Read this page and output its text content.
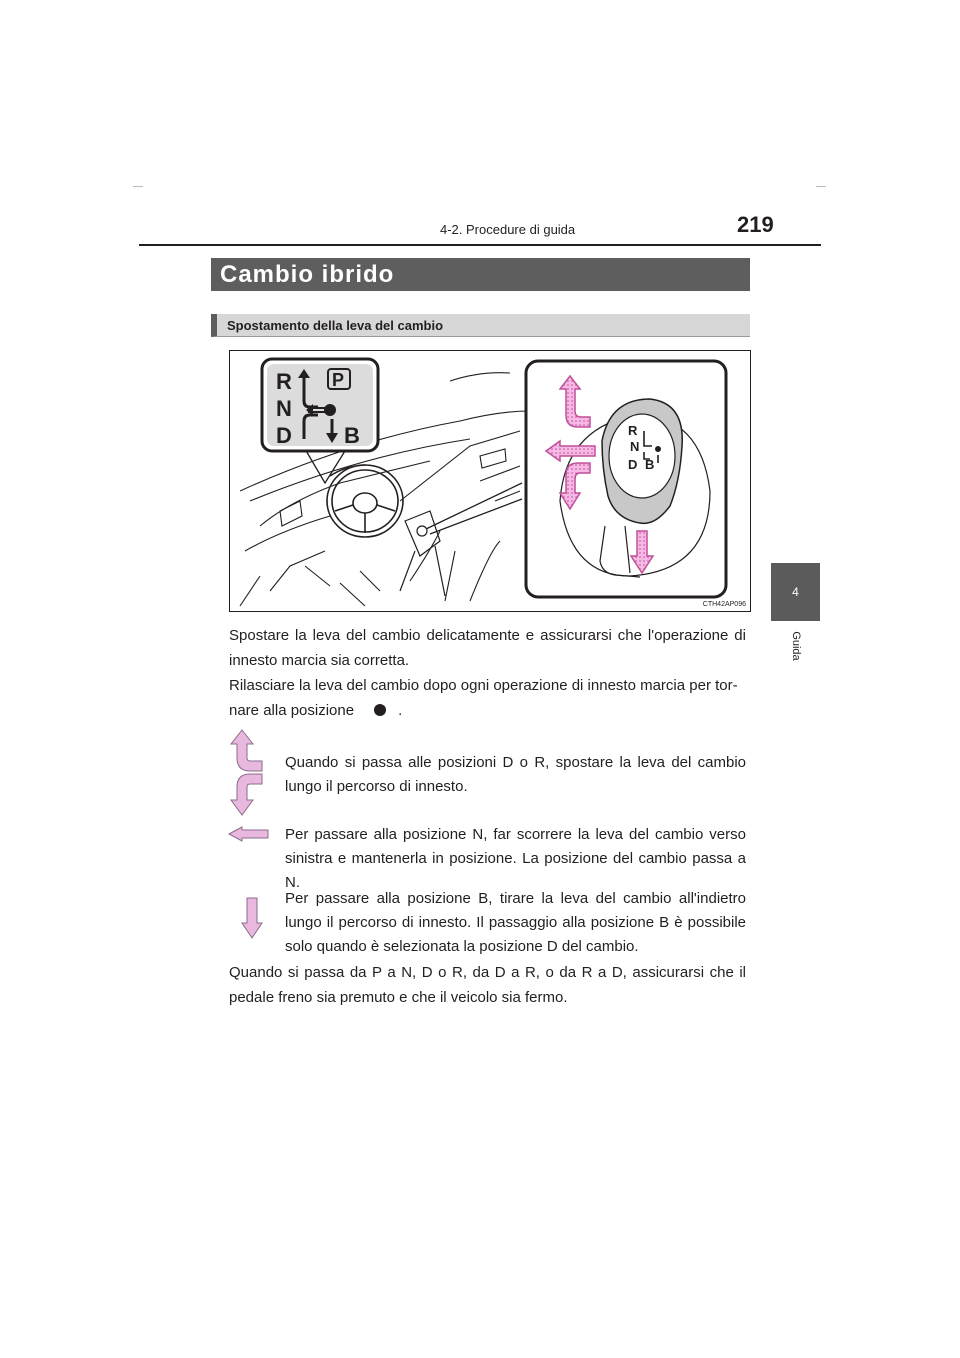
219
4-2. Procedure di guida
4
Guida
Cambio ibrido
Spostamento della leva del cambio
R
N
D
P
B	R
N
D B
CTH42AP096
Spostare la leva del cambio delicatamente e assicurarsi che l'operazione di innesto marcia sia corretta.
Rilasciare la leva del cambio dopo ogni operazione di innesto marcia per tor-
nare alla posizione	.
Quando si passa alle posizioni D o R, spostare la leva del cambio lungo il percorso di innesto.
Per passare alla posizione N, far scorrere la leva del cambio verso sinistra e mantenerla in posizione. La posizione del cambio passa a N.
Per passare alla posizione B, tirare la leva del cambio all'indietro lungo il percorso di innesto. Il passaggio alla posizione B è possibile solo quando è selezionata la posizione D del cambio.
Quando si passa da P a N, D o R, da D a R, o da R a D, assicurarsi che il pedale freno sia premuto e che il veicolo sia fermo.
